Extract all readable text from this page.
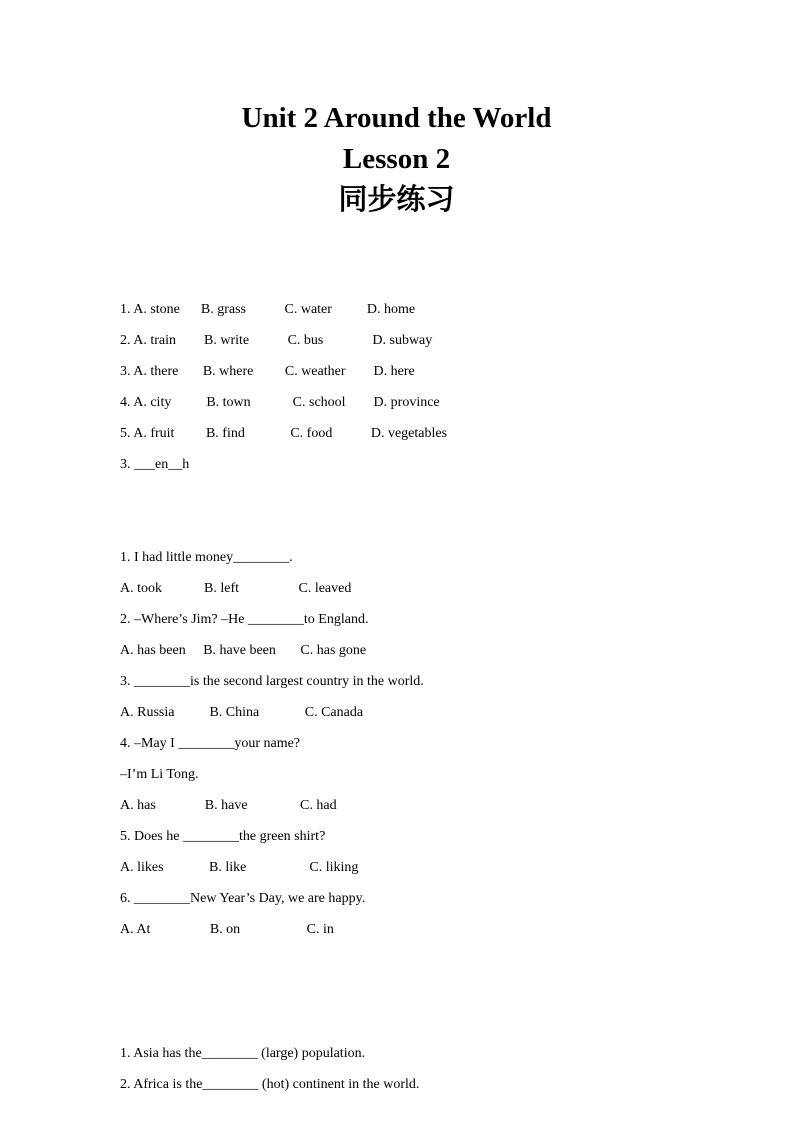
Unit 2 Around the World
Lesson 2
同步练习
1. A. stone      B. grass           C. water          D. home
2. A. train        B. write           C. bus              D. subway
3. A. there       B. where         C. weather        D. here
4. A. city          B. town            C. school        D. province
5. A. fruit         B. find             C. food           D. vegetables
3. ___en__h
1. I had little money________.
A. took            B. left                 C. leaved
2. –Where’s Jim? –He ________to England.
A. has been     B. have been       C. has gone
3. ________is the second largest country in the world.
A. Russia          B. China             C. Canada
4. –May I ________your name?
–I’m Li Tong.
A. has              B. have               C. had
5. Does he ________the green shirt?
A. likes             B. like                  C. liking
6. ________New Year’s Day, we are happy.
A. At                 B. on                   C. in
1. Asia has the________ (large) population.
2. Africa is the________ (hot) continent in the world.
